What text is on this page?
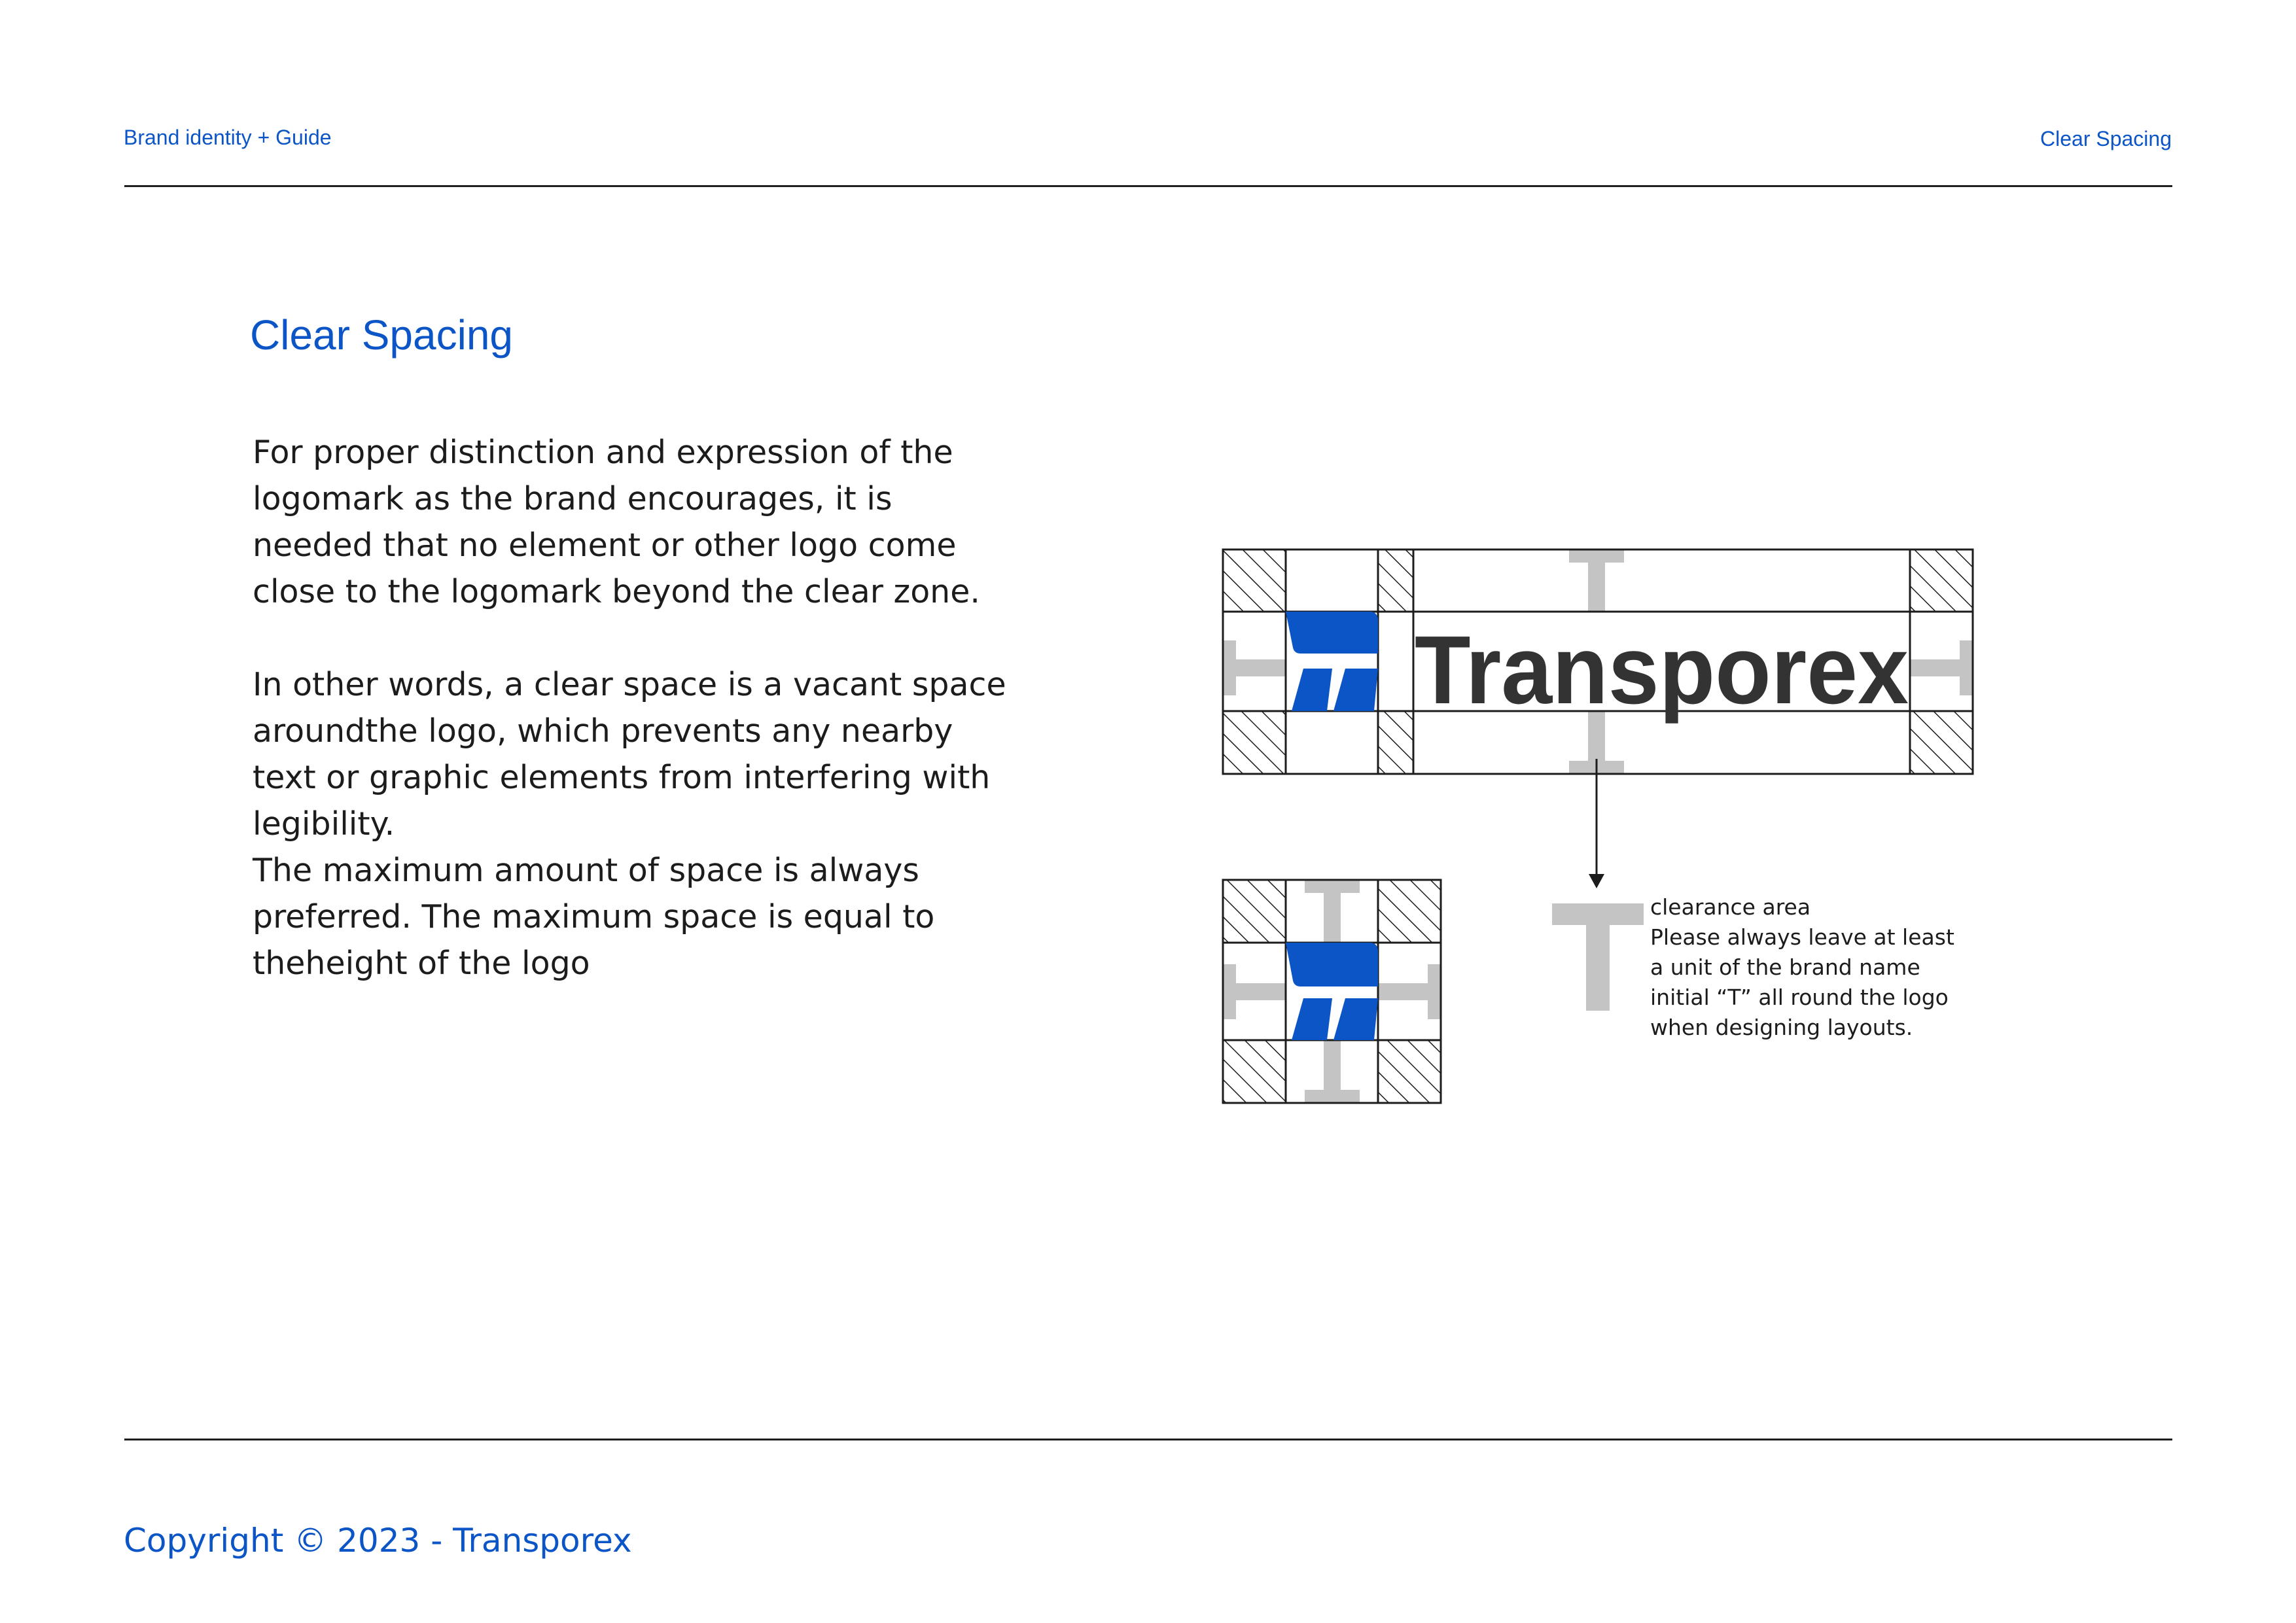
Brand identity + Guide	Clear Spacing
Clear Spacing

For proper distinction and expression of the
logomark as the brand encourages, it is
needed that no element or other logo come
close to the logomark beyond the clear zone.

In other words, a clear space is a vacant space
aroundthe logo, which prevents any nearby
text or graphic elements from interfering with
legibility.

The maximum amount of space is always
preferred. The maximum space is equal to
theheight of the logo

Transporex
clearance area
Please always leave at least
a unit of the brand name
initial “T” all round the logo
when designing layouts.
Copyright © 2023 - Transporex
